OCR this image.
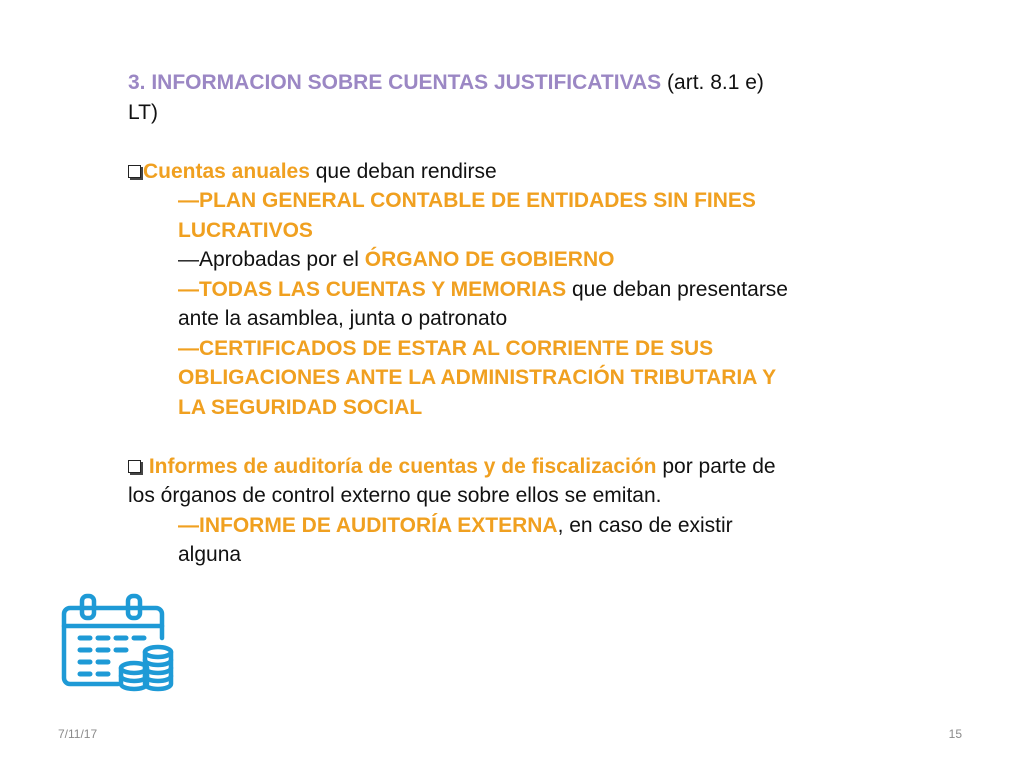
3. INFORMACION SOBRE CUENTAS JUSTIFICATIVAS (art. 8.1 e)

LT)

Cuentas anuales que deban rendirse

—PLAN GENERAL CONTABLE DE ENTIDADES SIN FINES

LUCRATIVOS

—Aprobadas por el ÓRGANO DE GOBIERNO

—TODAS LAS CUENTAS Y MEMORIAS que deban presentarse

ante la asamblea, junta o patronato

—CERTIFICADOS DE ESTAR AL CORRIENTE DE SUS

OBLIGACIONES ANTE LA ADMINISTRACIÓN TRIBUTARIA Y

LA SEGURIDAD SOCIAL

Informes de auditoría de cuentas y de fiscalización por parte de

los órganos de control externo que sobre ellos se emitan.

—INFORME DE AUDITORÍA EXTERNA, en caso de existir

alguna

7/11/17	15
